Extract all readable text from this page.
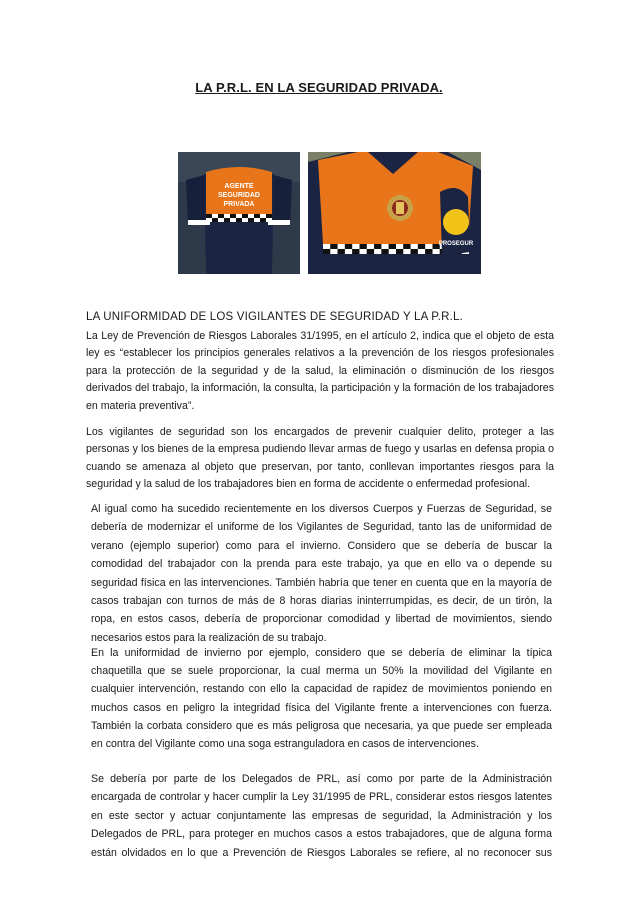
LA P.R.L. EN LA SEGURIDAD PRIVADA.
AGENTE
SEGURIDAD
PRIVADA
PROSEGUR
LA UNIFORMIDAD DE LOS VIGILANTES DE SEGURIDAD Y LA P.R.L.
La Ley de Prevención de Riesgos Laborales 31/1995, en el artículo 2, indica que el objeto de esta ley es “establecer los principios generales relativos a la prevención de los riesgos profesionales para la protección de la seguridad y de la salud, la eliminación o disminución de los riesgos derivados del trabajo, la información, la consulta, la participación y la formación de los trabajadores en materia preventiva”.
Los vigilantes de seguridad son los encargados de prevenir cualquier delito, proteger a las personas y los bienes de la empresa pudiendo llevar armas de fuego y usarlas en defensa propia o cuando se amenaza al objeto que preservan, por tanto, conllevan importantes riesgos para la seguridad y la salud de los trabajadores bien en forma de accidente o enfermedad profesional.
Al igual como ha sucedido recientemente en los diversos Cuerpos y Fuerzas de Seguridad, se debería de modernizar el uniforme de los Vigilantes de Seguridad, tanto las de uniformidad de verano (ejemplo superior) como para el invierno. Considero que se debería de buscar la comodidad del trabajador con la prenda para este trabajo, ya que en ello va o depende su seguridad física en las intervenciones. También habría que tener en cuenta que en la mayoría de casos trabajan con turnos de más de 8 horas diarias ininterrumpidas, es decir, de un tirón, la ropa, en estos casos, debería de proporcionar comodidad y libertad de movimientos, siendo necesarios estos para la realización de su trabajo.
En la uniformidad de invierno por ejemplo, considero que se debería de eliminar la típica chaquetilla que se suele proporcionar, la cual merma un 50% la movilidad del Vigilante en cualquier intervención, restando con ello la capacidad de rapidez de movimientos poniendo en muchos casos en peligro la integridad física del Vigilante frente a intervenciones con fuerza. También la corbata considero que es más peligrosa que necesaria, ya que puede ser empleada en contra del Vigilante como una soga estranguladora en casos de intervenciones.
Se debería por parte de los Delegados de PRL, así como por parte de la Administración encargada de controlar y hacer cumplir la Ley 31/1995 de PRL, considerar estos riesgos latentes en este sector y actuar conjuntamente las empresas de seguridad, la Administración y los Delegados de PRL, para proteger en muchos casos a estos trabajadores, que de alguna forma están olvidados en lo que a Prevención de Riesgos Laborales se refiere, al no reconocer sus
